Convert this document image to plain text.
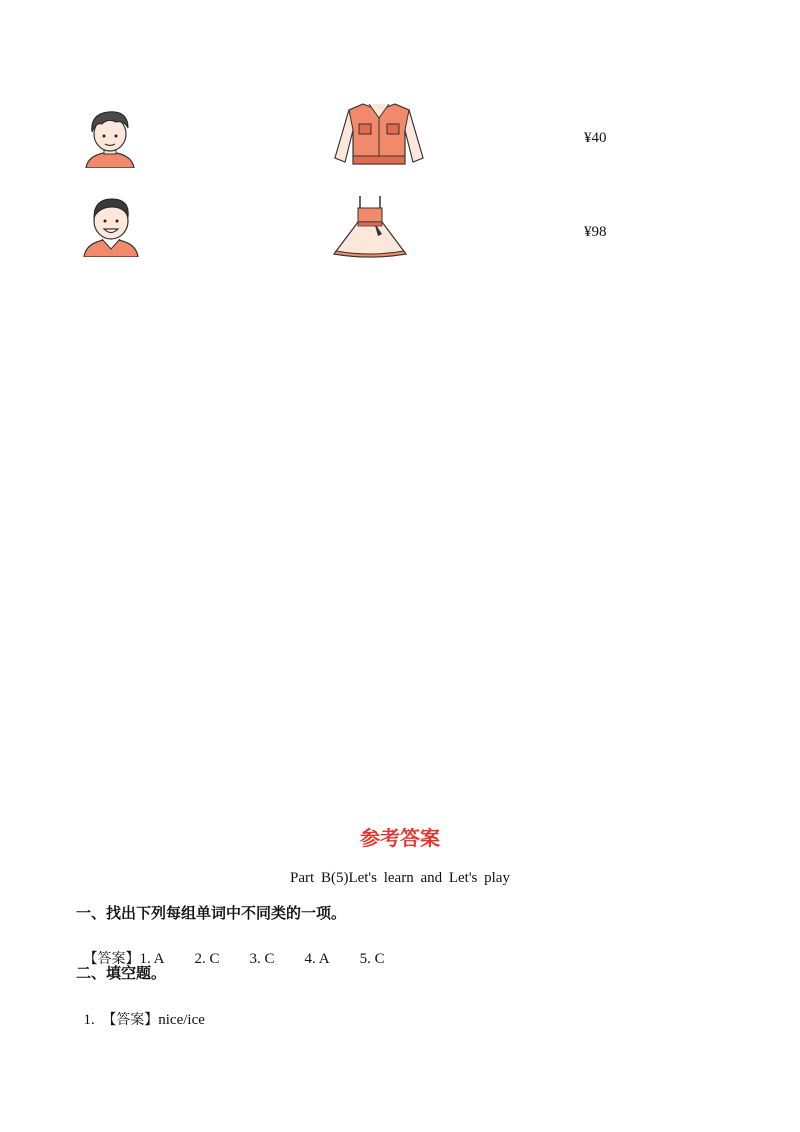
¥40
¥98
参考答案
Part B(5)Let's learn and Let's play
一、找出下列每组单词中不同类的一项。

【答案】1. A 2. C 3. C 4. A 5. C

二、填空题。

1. 【答案】nice/ice
